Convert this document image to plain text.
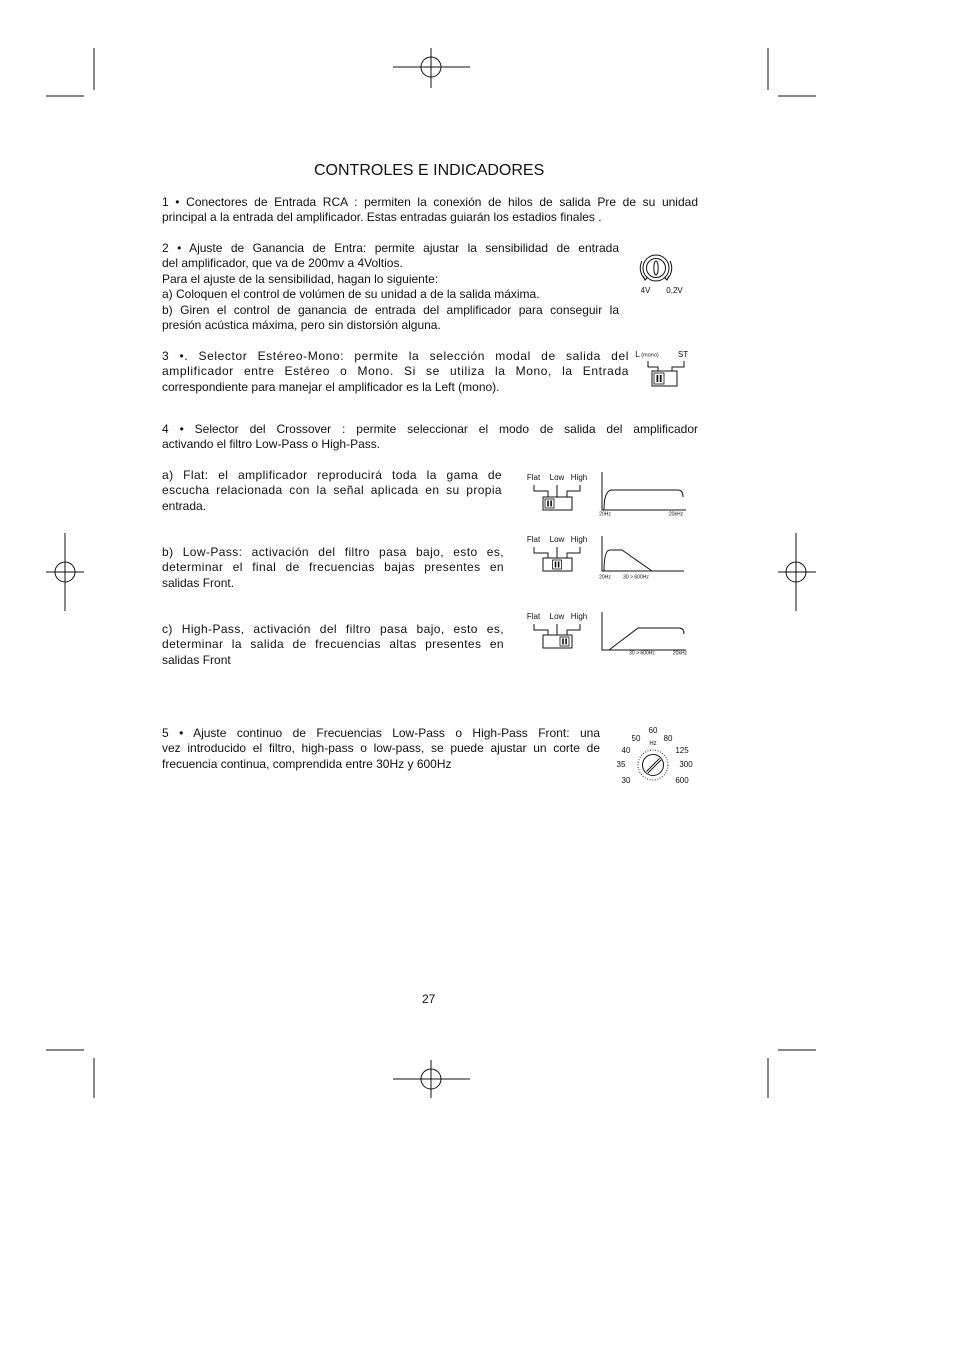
CONTROLES E INDICADORES
1 • Conectores de Entrada RCA : permiten la conexión de hilos de salida Pre de su unidad
principal a la entrada del amplificador. Estas entradas guiarán los estadios finales .
2 • Ajuste de Ganancia de Entra: permite ajustar la sensibilidad de entrada
del amplificador, que va de 200mv a 4Voltios.
Para el ajuste de la sensibilidad, hagan lo siguiente:
a) Coloquen el control de volúmen de su unidad a de la salida máxima.
b) Giren el control de ganancia de entrada del amplificador para conseguir la
presión acústica máxima, pero sin distorsión alguna.
3 •. Selector Estéreo-Mono: permite la selección modal de salida del
amplificador entre Estéreo o Mono. Si se utiliza la Mono, la Entrada
correspondiente para manejar el amplificador es la Left (mono).
4 • Selector del Crossover : permite seleccionar el modo de salida del amplificador
activando el filtro Low-Pass o High-Pass.
a) Flat: el amplificador reproducirá toda la gama de
escucha relacionada con la señal aplicada en su propia
entrada.
b) Low-Pass: activación del filtro pasa bajo, esto es,
determinar el final de frecuencias bajas presentes en
salidas Front.
c) High-Pass, activación del filtro pasa bajo, esto es,
determinar la salida de frecuencias altas presentes en
salidas Front
5 • Ajuste continuo de Frecuencias Low-Pass o High-Pass Front: una
vez introducido el filtro, high-pass o low-pass, se puede ajustar un corte de
frecuencia continua, comprendida entre 30Hz y 600Hz
4V 0,2V
L (mono) ST
Flat Low High
Flat Low High
Flat Low High
20Hz	20kHz
20Hz 30 > 600Hz
30 > 600Hz	20kHz
30
35
40
50
60
80
125
300
600
Hz
27
